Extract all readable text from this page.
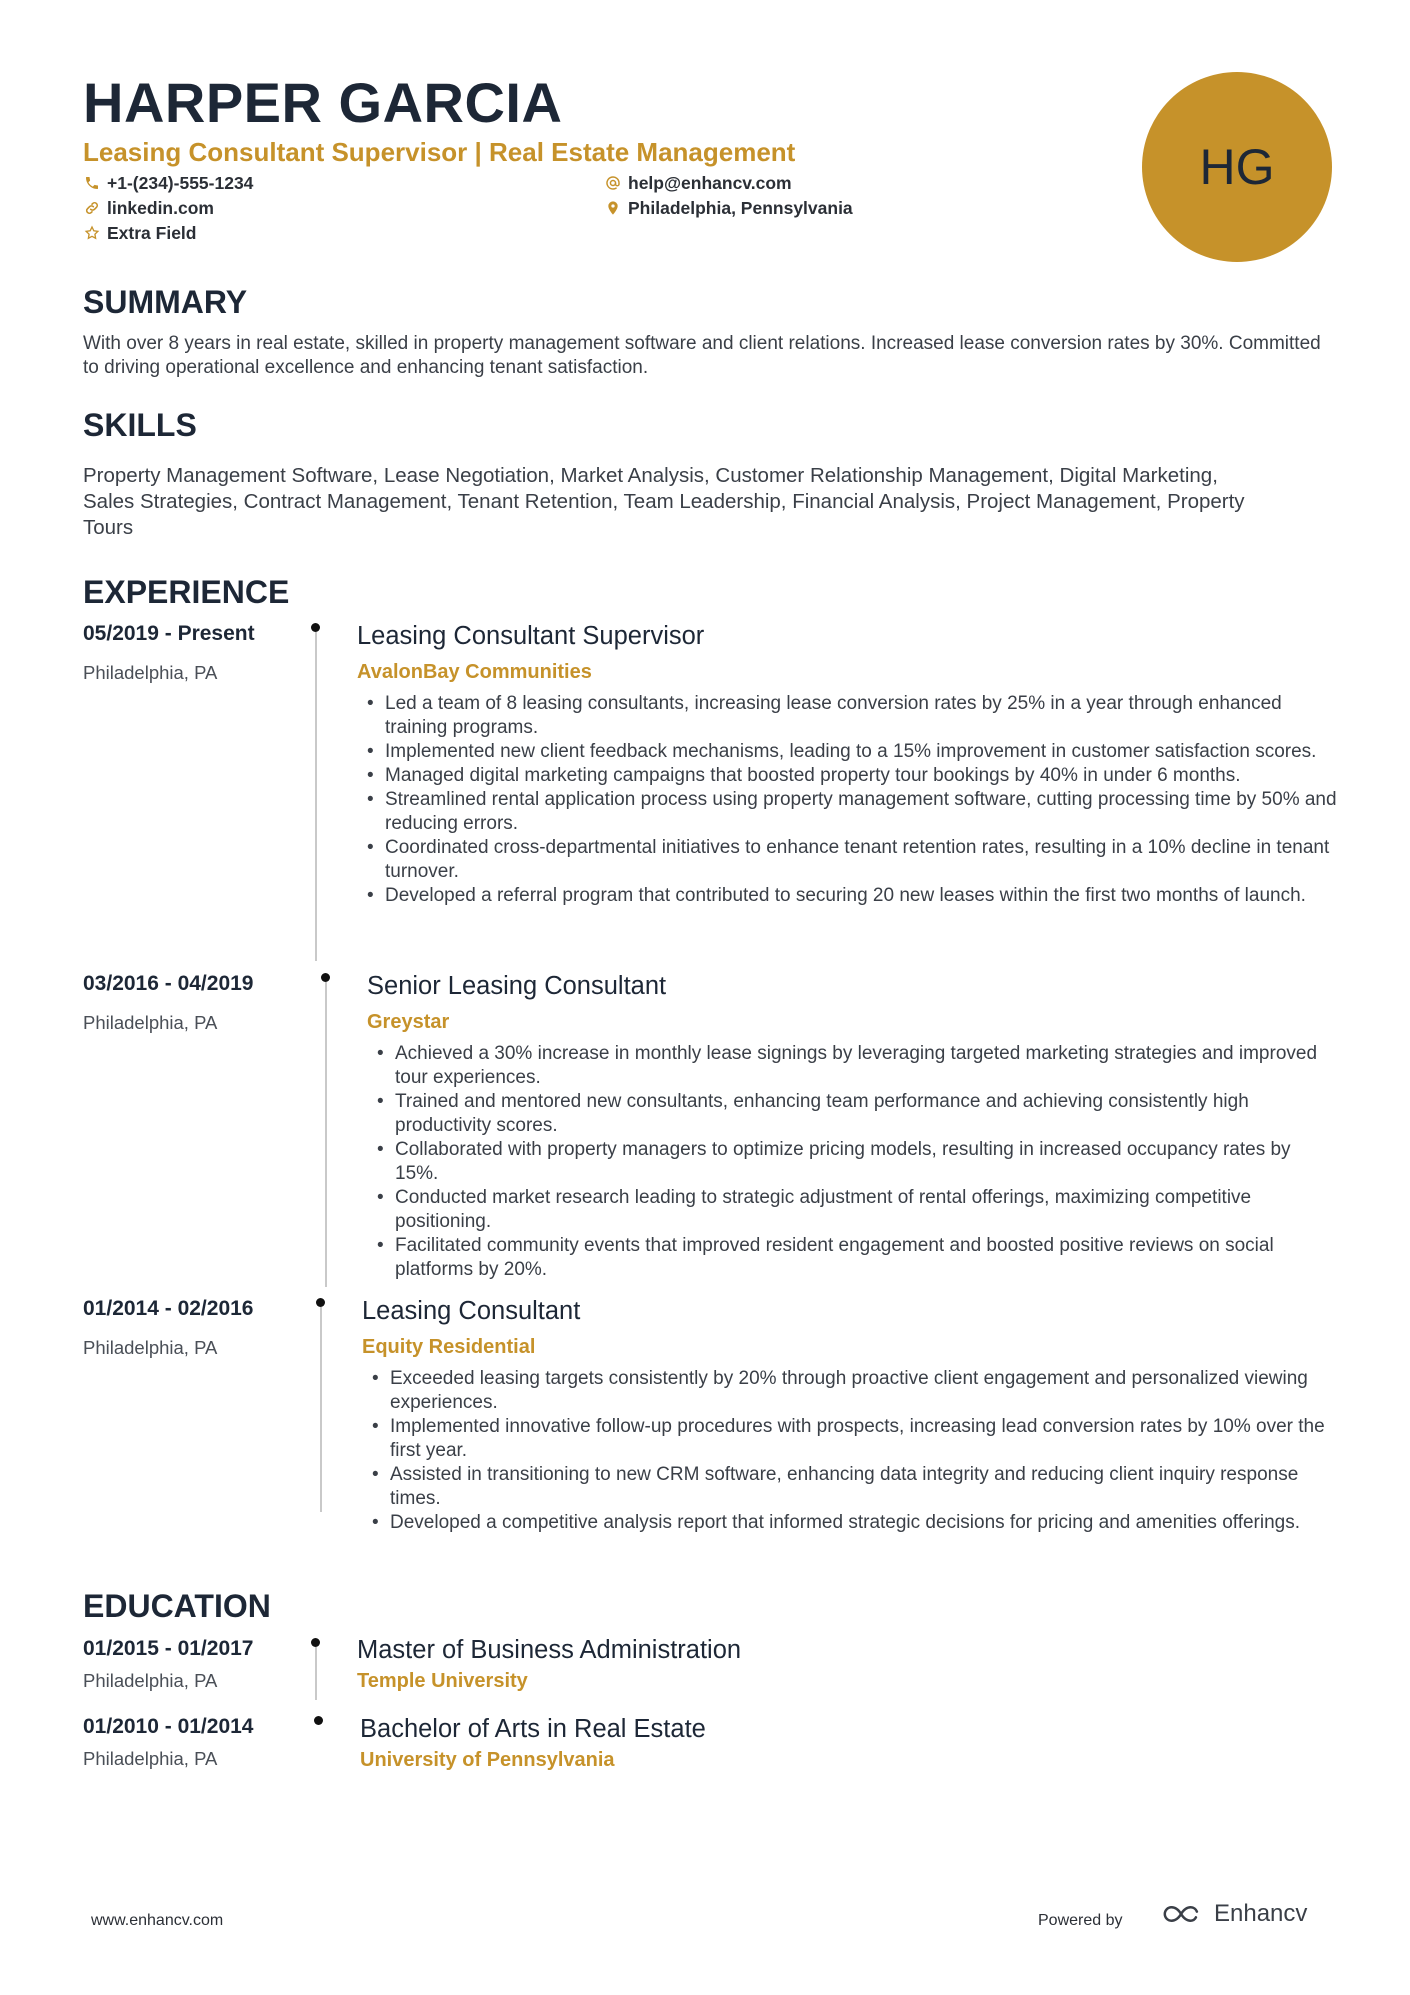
HARPER GARCIA
Leasing Consultant Supervisor | Real Estate Management
+1-(234)-555-1234
linkedin.com
Extra Field
help@enhancv.com
Philadelphia, Pennsylvania
HG
SUMMARY
With over 8 years in real estate, skilled in property management software and client relations. Increased lease conversion rates by 30%. Committed to driving operational excellence and enhancing tenant satisfaction.
SKILLS
Property Management Software, Lease Negotiation, Market Analysis, Customer Relationship Management, Digital Marketing, Sales Strategies, Contract Management, Tenant Retention, Team Leadership, Financial Analysis, Project Management, Property Tours
EXPERIENCE
05/2019 - Present
Philadelphia, PA
Leasing Consultant Supervisor
AvalonBay Communities
• Led a team of 8 leasing consultants, increasing lease conversion rates by 25% in a year through enhanced training programs.
• Implemented new client feedback mechanisms, leading to a 15% improvement in customer satisfaction scores.
• Managed digital marketing campaigns that boosted property tour bookings by 40% in under 6 months.
• Streamlined rental application process using property management software, cutting processing time by 50% and reducing errors.
• Coordinated cross-departmental initiatives to enhance tenant retention rates, resulting in a 10% decline in tenant turnover.
• Developed a referral program that contributed to securing 20 new leases within the first two months of launch.
03/2016 - 04/2019
Philadelphia, PA
Senior Leasing Consultant
Greystar
• Achieved a 30% increase in monthly lease signings by leveraging targeted marketing strategies and improved tour experiences.
• Trained and mentored new consultants, enhancing team performance and achieving consistently high productivity scores.
• Collaborated with property managers to optimize pricing models, resulting in increased occupancy rates by 15%.
• Conducted market research leading to strategic adjustment of rental offerings, maximizing competitive positioning.
• Facilitated community events that improved resident engagement and boosted positive reviews on social platforms by 20%.
01/2014 - 02/2016
Philadelphia, PA
Leasing Consultant
Equity Residential
• Exceeded leasing targets consistently by 20% through proactive client engagement and personalized viewing experiences.
• Implemented innovative follow-up procedures with prospects, increasing lead conversion rates by 10% over the first year.
• Assisted in transitioning to new CRM software, enhancing data integrity and reducing client inquiry response times.
• Developed a competitive analysis report that informed strategic decisions for pricing and amenities offerings.
EDUCATION
01/2015 - 01/2017
Philadelphia, PA
Master of Business Administration
Temple University
01/2010 - 01/2014
Philadelphia, PA
Bachelor of Arts in Real Estate
University of Pennsylvania
www.enhancv.com	Powered by	Enhancv
